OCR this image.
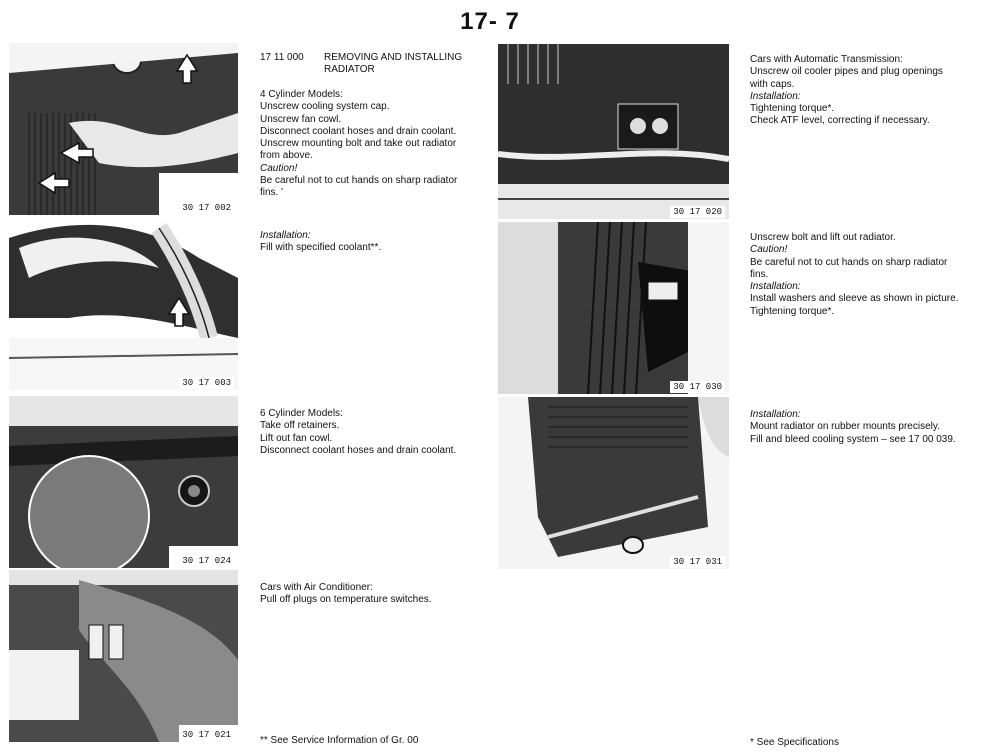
17- 7
30 17 002
30 17 003
30 17 024
30 17 021
30 17 020
30 17 030
30 17 031
17 11 000 REMOVING AND INSTALLING
RADIATOR
4 Cylinder Models:
Unscrew cooling system cap.
Unscrew fan cowl.
Disconnect coolant hoses and drain coolant.
Unscrew mounting bolt and take out radiator
from above.
Caution!
Be careful not to cut hands on sharp radiator
fins. '
Installation:
Fill with specified coolant**.
6 Cylinder Models:
Take off retainers.
Lift out fan cowl.
Disconnect coolant hoses and drain coolant.
Cars with Air Conditioner:
Pull off plugs on temperature switches.
Cars with Automatic Transmission:
Unscrew oil cooler pipes and plug openings
with caps.
Installation:
Tightening torque*.
Check ATF level, correcting if necessary.
Unscrew bolt and lift out radiator.
Caution!
Be careful not to cut hands on sharp radiator
fins.
Installation:
Install washers and sleeve as shown in picture.
Tightening torque*.
Installation:
Mount radiator on rubber mounts precisely.
Fill and bleed cooling system – see 17 00 039.
** See Service Information of Gr. 00	* See Specifications
